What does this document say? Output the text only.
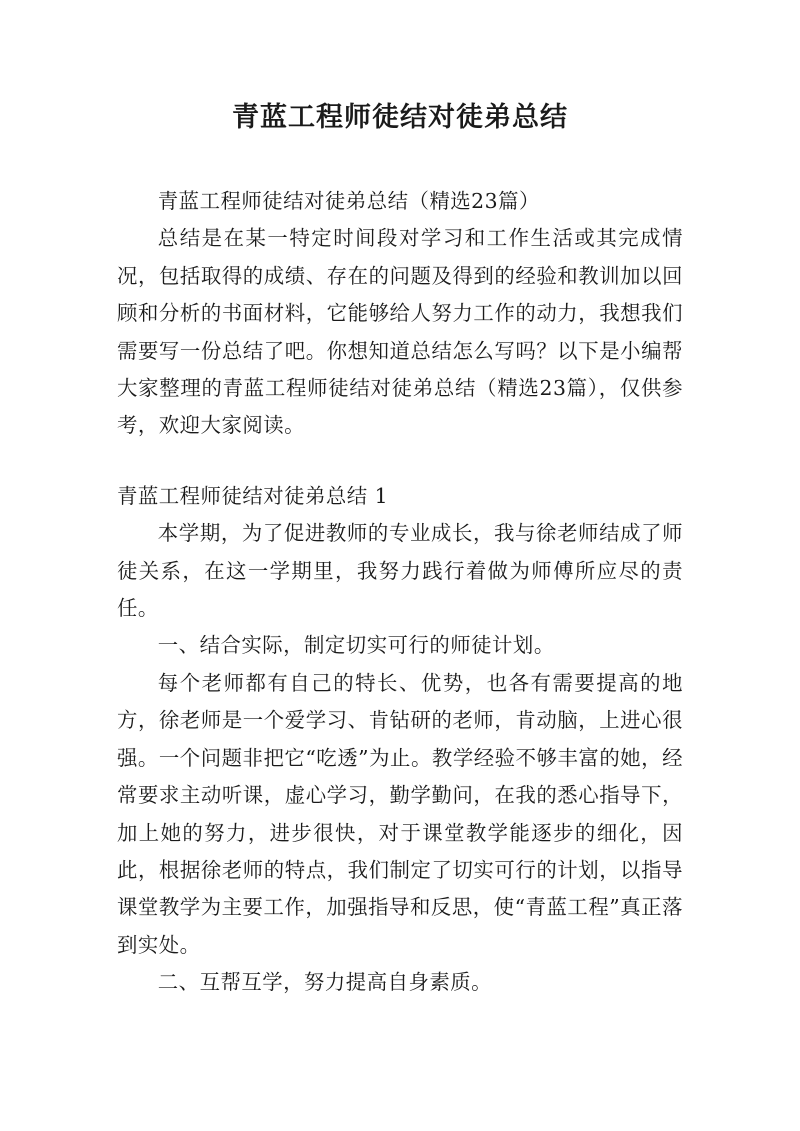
青蓝工程师徒结对徒弟总结

青蓝工程师徒结对徒弟总结（精选23篇）

总结是在某一特定时间段对学习和工作生活或其完成情况，包括取得的成绩、存在的问题及得到的经验和教训加以回顾和分析的书面材料，它能够给人努力工作的动力，我想我们需要写一份总结了吧。你想知道总结怎么写吗？以下是小编帮大家整理的青蓝工程师徒结对徒弟总结（精选23篇），仅供参考，欢迎大家阅读。

青蓝工程师徒结对徒弟总结 1

本学期，为了促进教师的专业成长，我与徐老师结成了师徒关系，在这一学期里，我努力践行着做为师傅所应尽的责任。

一、结合实际，制定切实可行的师徒计划。

每个老师都有自己的特长、优势，也各有需要提高的地方，徐老师是一个爱学习、肯钻研的老师，肯动脑，上进心很强。一个问题非把它“吃透”为止。教学经验不够丰富的她，经常要求主动听课，虚心学习，勤学勤问，在我的悉心指导下，加上她的努力，进步很快，对于课堂教学能逐步的细化，因此，根据徐老师的特点，我们制定了切实可行的计划，以指导课堂教学为主要工作，加强指导和反思，使“青蓝工程”真正落到实处。

二、互帮互学，努力提高自身素质。
